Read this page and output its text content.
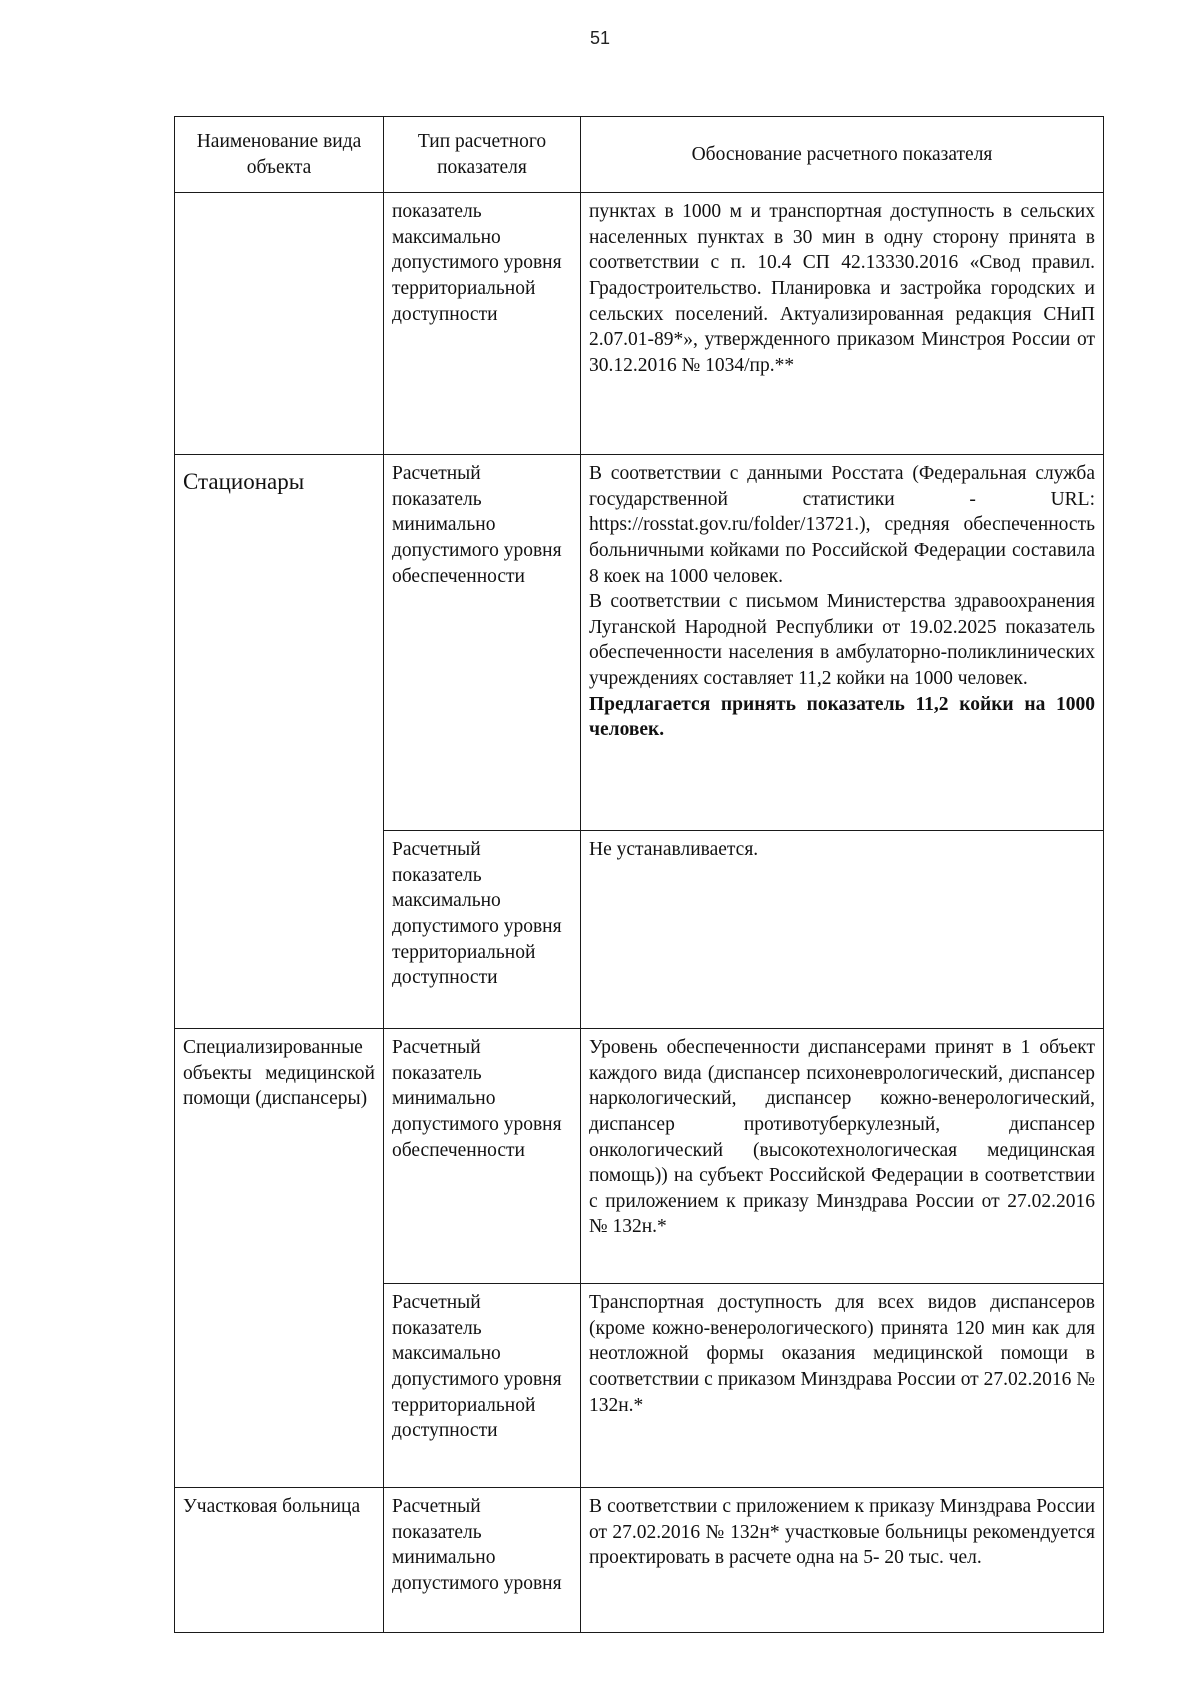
51
Наименование вида объекта	Тип расчетного показателя	Обоснование расчетного показателя
	показатель максимально допустимого уровня территориальной доступности	пунктах в 1000 м и транспортная доступность в сельских населенных пунктах в 30 мин в одну сторону принята в соответствии с п. 10.4 СП 42.13330.2016 «Свод правил. Градостроительство. Планировка и застройка городских и сельских поселений. Актуализированная редакция СНиП 2.07.01-89*», утвержденного приказом Минстроя России от 30.12.2016 № 1034/пр.**

Стационары	Расчетный показатель минимально допустимого уровня обеспеченности	В соответствии с данными Росстата (Федеральная служба государственной статистики - URL: https://rosstat.gov.ru/folder/13721.), средняя обеспеченность больничными койками по Российской Федерации составила 8 коек на 1000 человек.

В соответствии с письмом Министерства здравоохранения Луганской Народной Республики от 19.02.2025 показатель обеспеченности населения в амбулаторно-поликлинических учреждениях составляет 11,2 койки на 1000 человек.

Предлагается принять показатель 11,2 койки на 1000 человек.

	Расчетный показатель максимально допустимого уровня территориальной доступности	Не устанавливается.
Специализированные объекты медицинской помощи (диспансеры)	Расчетный показатель минимально допустимого уровня обеспеченности	Уровень обеспеченности диспансерами принят в 1 объект каждого вида (диспансер психоневрологический, диспансер наркологический, диспансер кожно-венерологический, диспансер противотуберкулезный, диспансер онкологический (высокотехнологическая медицинская помощь)) на субъект Российской Федерации в соответствии с приложением к приказу Минздрава России от 27.02.2016 № 132н.*
	Расчетный показатель максимально допустимого уровня территориальной доступности	Транспортная доступность для всех видов диспансеров (кроме кожно-венерологического) принята 120 мин как для неотложной формы оказания медицинской помощи в соответствии с приказом Минздрава России от 27.02.2016 № 132н.*
Участковая больница	Расчетный показатель минимально допустимого уровня	В соответствии с приложением к приказу Минздрава России от 27.02.2016 № 132н* участковые больницы рекомендуется проектировать в расчете одна на 5- 20 тыс. чел.
